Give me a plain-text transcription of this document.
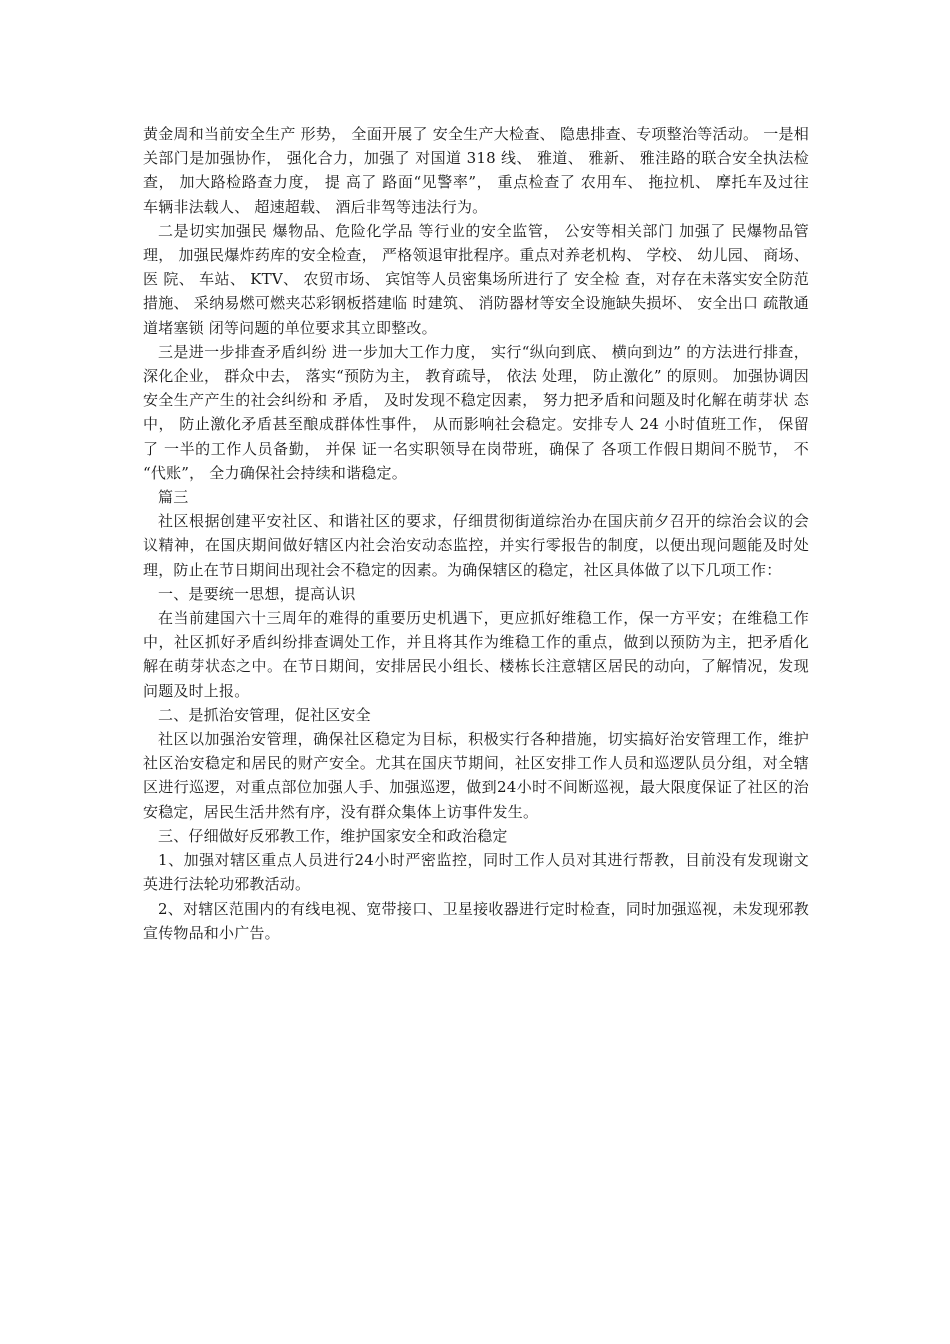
黄金周和当前安全生产 形势， 全面开展了 安全生产大检查、 隐患排查、专项整治等活动。 一是相关部门是加强协作， 强化合力，加强了 对国道 318 线、 雅道、 雅新、 雅洼路的联合安全执法检查， 加大路检路查力度， 提 高了 路面“见警率”， 重点检查了 农用车、 拖拉机、 摩托车及过往 车辆非法载人、 超速超载、 酒后非驾等违法行为。

二是切实加强民 爆物品、危险化学品 等行业的安全监管， 公安等相关部门 加强了 民爆物品管理， 加强民爆炸药库的安全检查， 严格领退审批程序。重点对养老机构、 学校、 幼儿园、 商场、 医 院、 车站、 KTV、 农贸市场、 宾馆等人员密集场所进行了 安全检 查，对存在未落实安全防范措施、 采纳易燃可燃夹芯彩钢板搭建临 时建筑、 消防器材等安全设施缺失损坏、 安全出口 疏散通道堵塞锁 闭等问题的单位要求其立即整改。

三是进一步排查矛盾纠纷 进一步加大工作力度， 实行“纵向到底、 横向到边” 的方法进行排查， 深化企业， 群众中去， 落实“预防为主， 教育疏导， 依法 处理， 防止激化” 的原则。 加强协调因安全生产产生的社会纠纷和 矛盾， 及时发现不稳定因素， 努力把矛盾和问题及时化解在萌芽状 态中， 防止激化矛盾甚至酿成群体性事件， 从而影响社会稳定。安排专人 24 小时值班工作， 保留了 一半的工作人员备勤， 并保 证一名实职领导在岗带班，确保了 各项工作假日期间不脱节， 不 “代账”， 全力确保社会持续和谐稳定。

篇三

社区根据创建平安社区、和谐社区的要求，仔细贯彻街道综治办在国庆前夕召开的综治会议的会议精神，在国庆期间做好辖区内社会治安动态监控，并实行零报告的制度，以便出现问题能及时处理，防止在节日期间出现社会不稳定的因素。为确保辖区的稳定，社区具体做了以下几项工作：

一、是要统一思想，提高认识

在当前建国六十三周年的难得的重要历史机遇下，更应抓好维稳工作，保一方平安；在维稳工作中，社区抓好矛盾纠纷排查调处工作，并且将其作为维稳工作的重点，做到以预防为主，把矛盾化解在萌芽状态之中。在节日期间，安排居民小组长、楼栋长注意辖区居民的动向，了解情况，发现问题及时上报。

二、是抓治安管理，促社区安全

社区以加强治安管理，确保社区稳定为目标，积极实行各种措施，切实搞好治安管理工作，维护社区治安稳定和居民的财产安全。尤其在国庆节期间，社区安排工作人员和巡逻队员分组，对全辖区进行巡逻，对重点部位加强人手、加强巡逻，做到24小时不间断巡视，最大限度保证了社区的治安稳定，居民生活井然有序，没有群众集体上访事件发生。

三、仔细做好反邪教工作，维护国家安全和政治稳定

1、加强对辖区重点人员进行24小时严密监控，同时工作人员对其进行帮教，目前没有发现谢文英进行法轮功邪教活动。

2、对辖区范围内的有线电视、宽带接口、卫星接收器进行定时检查，同时加强巡视，未发现邪教宣传物品和小广告。
